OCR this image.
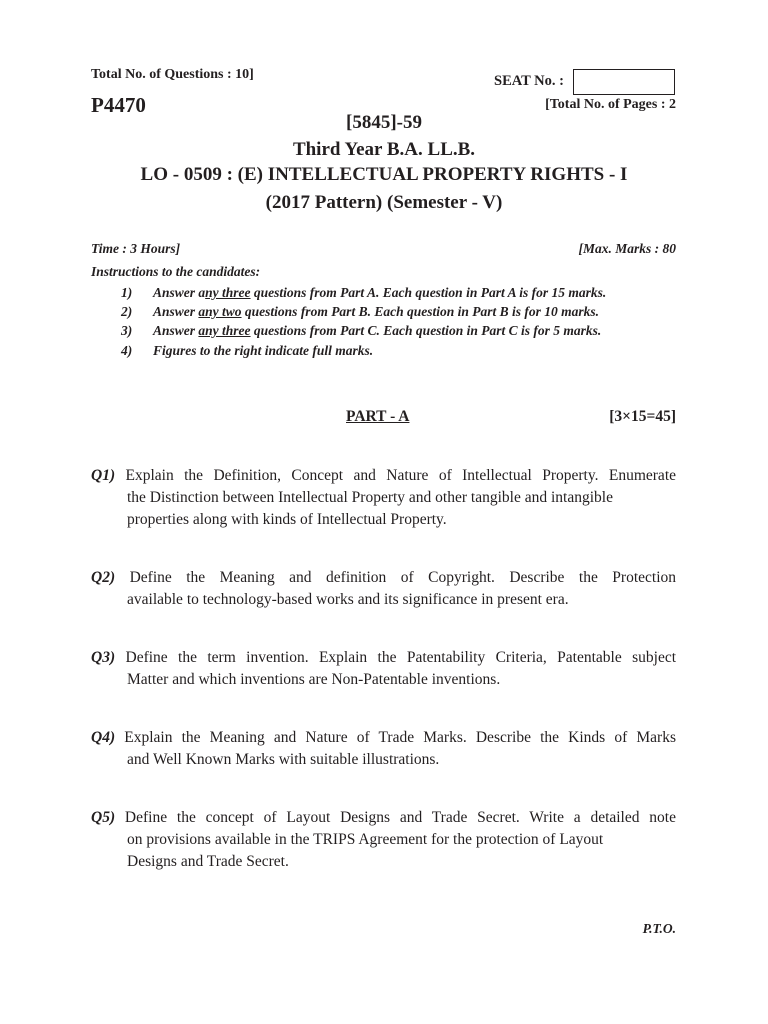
Total No. of Questions : 10]
P4470
SEAT No. :
[Total No. of Pages : 2
[5845]-59
Third Year B.A. LL.B.
LO - 0509 : (E) INTELLECTUAL PROPERTY RIGHTS - I
(2017 Pattern) (Semester - V)
Time : 3 Hours]	[Max. Marks : 80
Instructions to the candidates:
1) Answer any three questions from Part A. Each question in Part A is for 15 marks.
2) Answer any two questions from Part B. Each question in Part B is for 10 marks.
3) Answer any three questions from Part C. Each question in Part C is for 5 marks.
4) Figures to the right indicate full marks.
PART - A	[3×15=45]
Q1) Explain the Definition, Concept and Nature of Intellectual Property. Enumerate
the Distinction between Intellectual Property and other tangible and intangible
properties along with kinds of Intellectual Property.
Q2) Define the Meaning and definition of Copyright. Describe the Protection
available to technology-based works and its significance in present era.
Q3) Define the term invention. Explain the Patentability Criteria, Patentable subject
Matter and which inventions are Non-Patentable inventions.
Q4) Explain the Meaning and Nature of Trade Marks. Describe the Kinds of Marks
and Well Known Marks with suitable illustrations.
Q5) Define the concept of Layout Designs and Trade Secret. Write a detailed note
on provisions available in the TRIPS Agreement for the protection of Layout
Designs and Trade Secret.
P.T.O.
